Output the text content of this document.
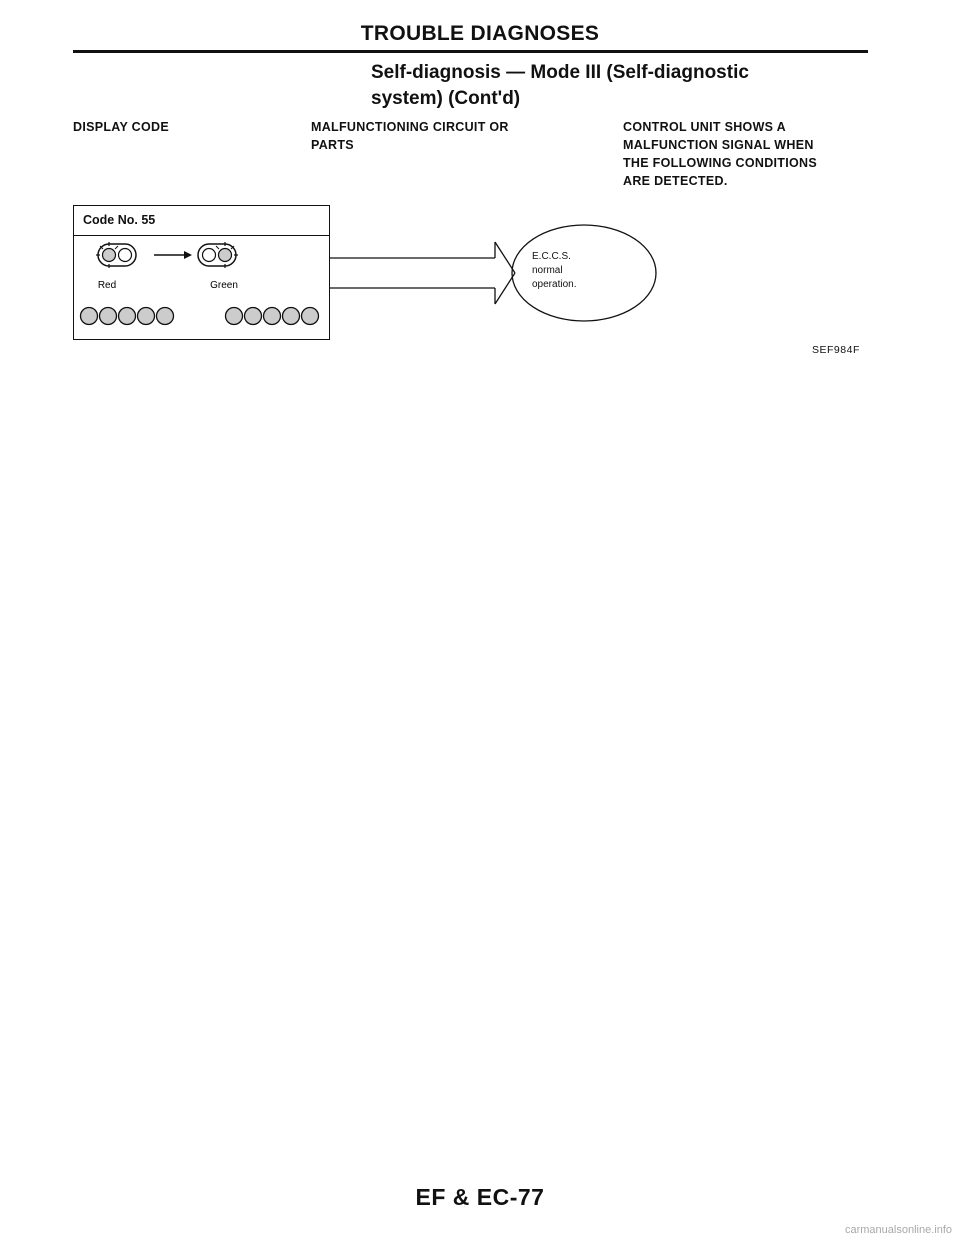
TROUBLE DIAGNOSES
Self-diagnosis — Mode III (Self-diagnostic
system) (Cont'd)
DISPLAY CODE	MALFUNCTIONING CIRCUIT OR
PARTS
CONTROL UNIT SHOWS A
MALFUNCTION SIGNAL WHEN
THE FOLLOWING CONDITIONS
ARE DETECTED.
Code No. 55
Red	Green
E.C.C.S.
normal
operation.
SEF984F
EF & EC-77
carmanualsonline.info
